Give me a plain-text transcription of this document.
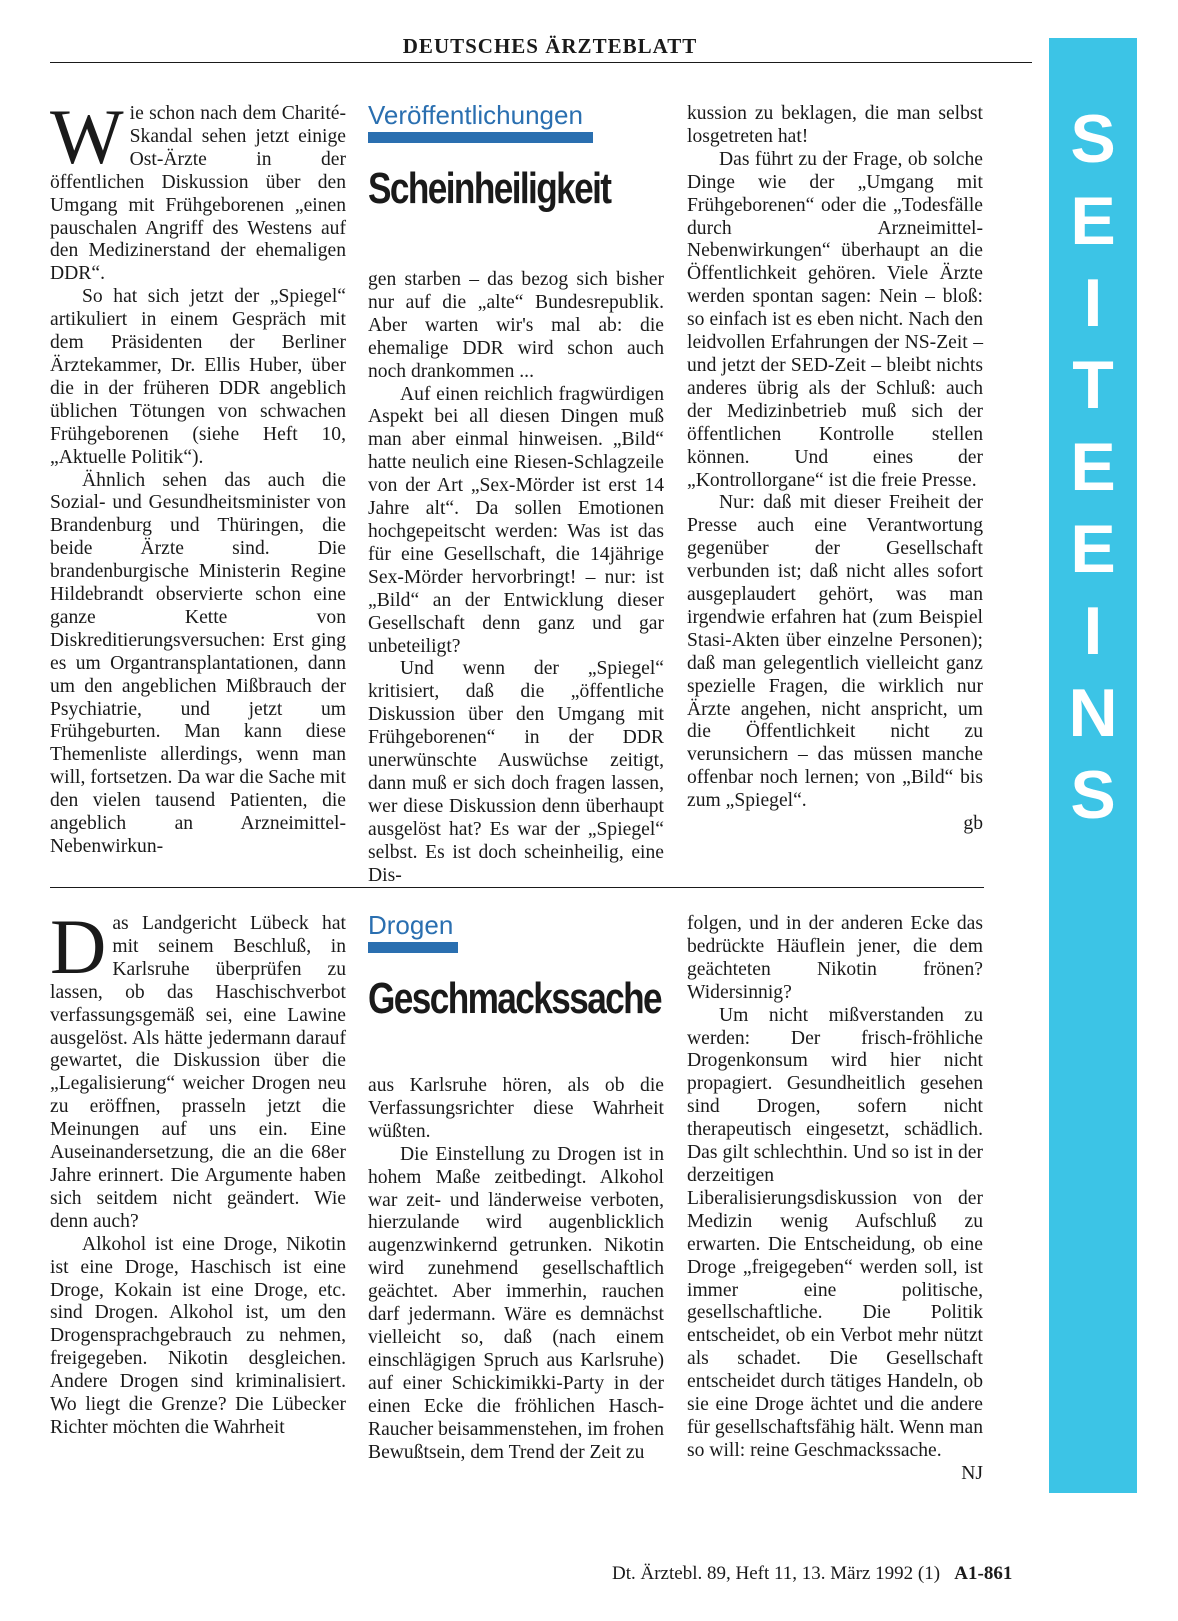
DEUTSCHES ÄRZTEBLATT
S
E
I
T
E
E
I
N
S
W ie schon nach dem Charité-Skandal sehen jetzt einige Ost-Ärzte in der öffentlichen Diskussion über den Umgang mit Frühgeborenen „einen pauschalen Angriff des Westens auf den Medizinerstand der ehemaligen DDR“.

So hat sich jetzt der „Spiegel“ artikuliert in einem Gespräch mit dem Präsidenten der Berliner Ärztekammer, Dr. Ellis Huber, über die in der früheren DDR angeblich üblichen Tötungen von schwachen Frühgeborenen (siehe Heft 10, „Aktuelle Politik“).

Ähnlich sehen das auch die Sozial- und Gesundheitsminister von Brandenburg und Thüringen, die beide Ärzte sind. Die brandenburgische Ministerin Regine Hildebrandt observierte schon eine ganze Kette von Diskreditierungsversuchen: Erst ging es um Organtransplantationen, dann um den angeblichen Mißbrauch der Psychiatrie, und jetzt um Frühgeburten. Man kann diese Themenliste allerdings, wenn man will, fortsetzen. Da war die Sache mit den vielen tausend Patienten, die angeblich an Arzneimittel-Nebenwirkun-

Veröffentlichungen
Scheinheiligkeit

gen starben – das bezog sich bisher nur auf die „alte“ Bundesrepublik. Aber warten wir's mal ab: die ehemalige DDR wird schon auch noch drankommen ...

Auf einen reichlich fragwürdigen Aspekt bei all diesen Dingen muß man aber einmal hinweisen. „Bild“ hatte neulich eine Riesen-Schlagzeile von der Art „Sex-Mörder ist erst 14 Jahre alt“. Da sollen Emotionen hochgepeitscht werden: Was ist das für eine Gesellschaft, die 14jährige Sex-Mörder hervorbringt! – nur: ist „Bild“ an der Entwicklung dieser Gesellschaft denn ganz und gar unbeteiligt?

Und wenn der „Spiegel“ kritisiert, daß die „öffentliche Diskussion über den Umgang mit Frühgeborenen“ in der DDR unerwünschte Auswüchse zeitigt, dann muß er sich doch fragen lassen, wer diese Diskussion denn überhaupt ausgelöst hat? Es war der „Spiegel“ selbst. Es ist doch scheinheilig, eine Dis-

kussion zu beklagen, die man selbst losgetreten hat!

Das führt zu der Frage, ob solche Dinge wie der „Umgang mit Frühgeborenen“ oder die „Todesfälle durch Arzneimittel-Nebenwirkungen“ überhaupt an die Öffentlichkeit gehören. Viele Ärzte werden spontan sagen: Nein – bloß: so einfach ist es eben nicht. Nach den leidvollen Erfahrungen der NS-Zeit – und jetzt der SED-Zeit – bleibt nichts anderes übrig als der Schluß: auch der Medizinbetrieb muß sich der öffentlichen Kontrolle stellen können. Und eines der „Kontrollorgane“ ist die freie Presse.

Nur: daß mit dieser Freiheit der Presse auch eine Verantwortung gegenüber der Gesellschaft verbunden ist; daß nicht alles sofort ausgeplaudert gehört, was man irgendwie erfahren hat (zum Beispiel Stasi-Akten über einzelne Personen); daß man gelegentlich vielleicht ganz spezielle Fragen, die wirklich nur Ärzte angehen, nicht anspricht, um die Öffentlichkeit nicht zu verunsichern – das müssen manche offenbar noch lernen; von „Bild“ bis zum „Spiegel“.

gb
D as Landgericht Lübeck hat mit seinem Beschluß, in Karlsruhe überprüfen zu lassen, ob das Haschischverbot verfassungsgemäß sei, eine Lawine ausgelöst. Als hätte jedermann darauf gewartet, die Diskussion über die „Legalisierung“ weicher Drogen neu zu eröffnen, prasseln jetzt die Meinungen auf uns ein. Eine Auseinandersetzung, die an die 68er Jahre erinnert. Die Argumente haben sich seitdem nicht geändert. Wie denn auch?

Alkohol ist eine Droge, Nikotin ist eine Droge, Haschisch ist eine Droge, Kokain ist eine Droge, etc. sind Drogen. Alkohol ist, um den Drogensprachgebrauch zu nehmen, freigegeben. Nikotin desgleichen. Andere Drogen sind kriminalisiert. Wo liegt die Grenze? Die Lübecker Richter möchten die Wahrheit

Drogen
Geschmackssache

aus Karlsruhe hören, als ob die Verfassungsrichter diese Wahrheit wüßten.

Die Einstellung zu Drogen ist in hohem Maße zeitbedingt. Alkohol war zeit- und länderweise verboten, hierzulande wird augenblicklich augenzwinkernd getrunken. Nikotin wird zunehmend gesellschaftlich geächtet. Aber immerhin, rauchen darf jedermann. Wäre es demnächst vielleicht so, daß (nach einem einschlägigen Spruch aus Karlsruhe) auf einer Schickimikki-Party in der einen Ecke die fröhlichen Hasch-Raucher beisammenstehen, im frohen Bewußtsein, dem Trend der Zeit zu

folgen, und in der anderen Ecke das bedrückte Häuflein jener, die dem geächteten Nikotin frönen? Widersinnig?

Um nicht mißverstanden zu werden: Der frisch-fröhliche Drogenkonsum wird hier nicht propagiert. Gesundheitlich gesehen sind Drogen, sofern nicht therapeutisch eingesetzt, schädlich. Das gilt schlechthin. Und so ist in der derzeitigen Liberalisierungsdiskussion von der Medizin wenig Aufschluß zu erwarten. Die Entscheidung, ob eine Droge „freigegeben“ werden soll, ist immer eine politische, gesellschaftliche. Die Politik entscheidet, ob ein Verbot mehr nützt als schadet. Die Gesellschaft entscheidet durch tätiges Handeln, ob sie eine Droge ächtet und die andere für gesellschaftsfähig hält. Wenn man so will: reine Geschmackssache.

NJ
Dt. Ärztebl. 89, Heft 11, 13. März 1992 (1) A1-861
